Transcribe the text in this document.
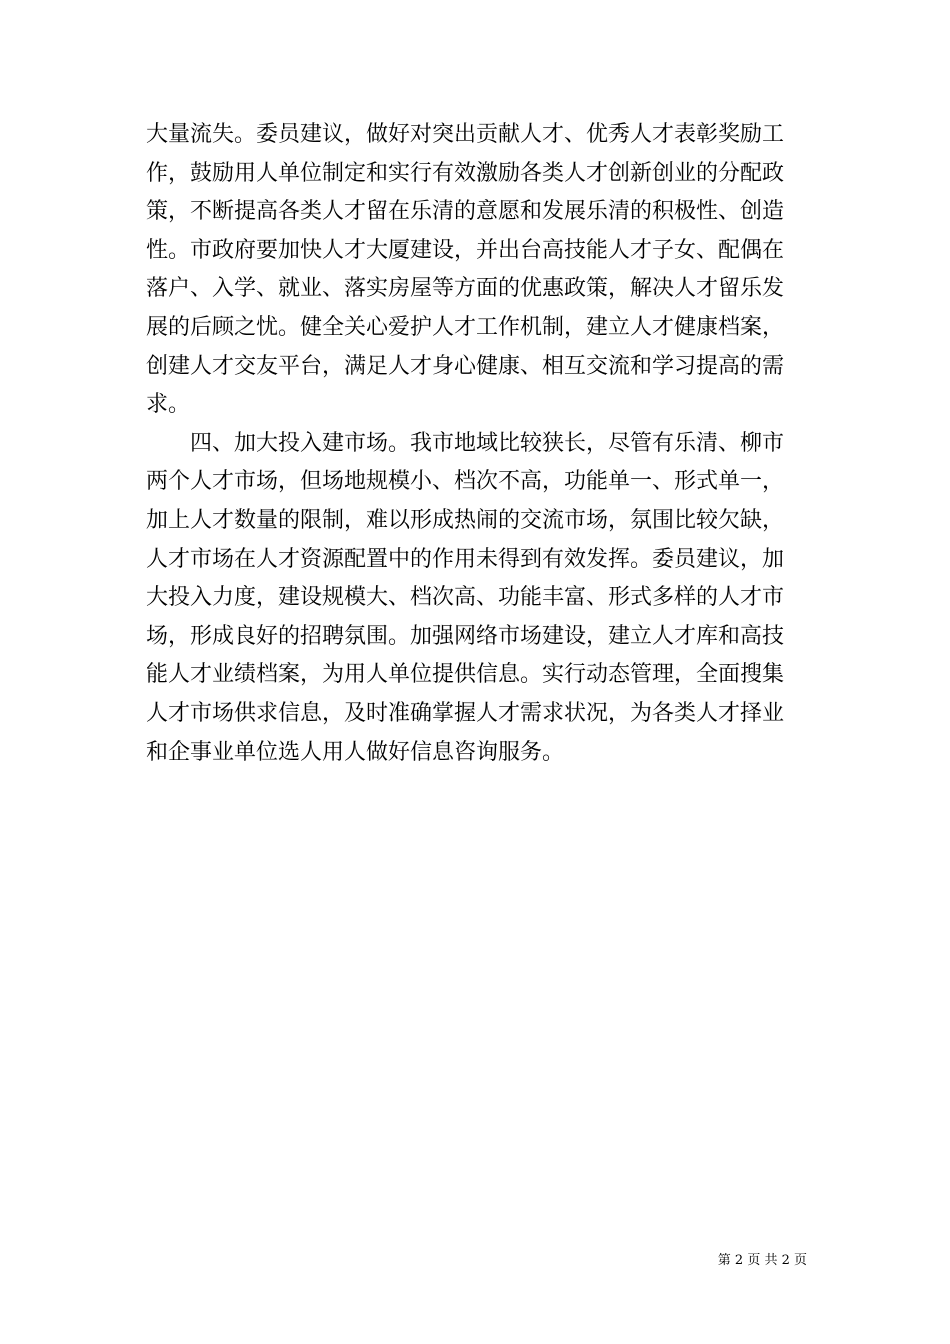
大量流失。委员建议，做好对突出贡献人才、优秀人才表彰奖励工
作，鼓励用人单位制定和实行有效激励各类人才创新创业的分配政
策，不断提高各类人才留在乐清的意愿和发展乐清的积极性、创造
性。市政府要加快人才大厦建设，并出台高技能人才子女、配偶在
落户、入学、就业、落实房屋等方面的优惠政策，解决人才留乐发
展的后顾之忧。健全关心爱护人才工作机制，建立人才健康档案，
创建人才交友平台，满足人才身心健康、相互交流和学习提高的需
求。
　　四、加大投入建市场。我市地域比较狭长，尽管有乐清、柳市
两个人才市场，但场地规模小、档次不高，功能单一、形式单一，
加上人才数量的限制，难以形成热闹的交流市场，氛围比较欠缺，
人才市场在人才资源配置中的作用未得到有效发挥。委员建议，加
大投入力度，建设规模大、档次高、功能丰富、形式多样的人才市
场，形成良好的招聘氛围。加强网络市场建设，建立人才库和高技
能人才业绩档案，为用人单位提供信息。实行动态管理，全面搜集
人才市场供求信息，及时准确掌握人才需求状况，为各类人才择业
和企事业单位选人用人做好信息咨询服务。
第 2 页 共 2 页
